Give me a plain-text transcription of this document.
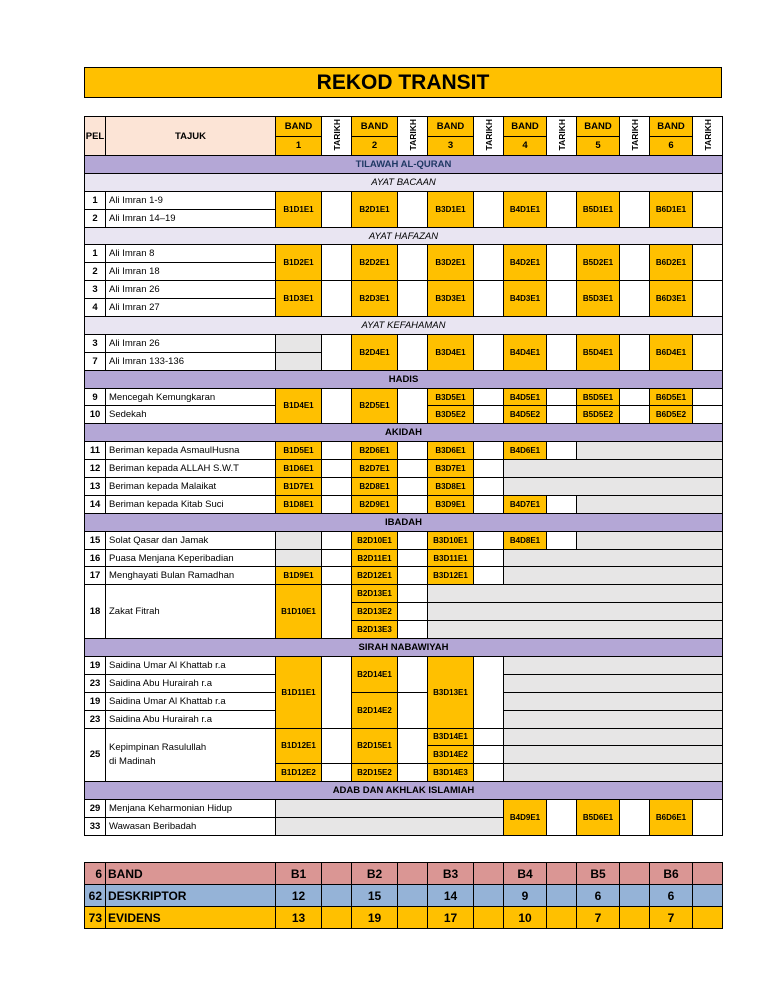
REKOD TRANSIT
PEL	TAJUK	BAND	TARIKH	BAND	TARIKH	BAND	TARIKH	BAND	TARIKH	BAND	TARIKH	BAND	TARIKH
		1		2		3		4		5		6	
TILAWAH AL-QURAN													
AYAT BACAAN													
1	Ali Imran 1-9	B1D1E1		B2D1E1		B3D1E1		B4D1E1		B5D1E1		B6D1E1	
2	Ali Imran 14–19												
AYAT HAFAZAN													
1	Ali Imran 8	B1D2E1		B2D2E1		B3D2E1		B4D2E1		B5D2E1		B6D2E1	
2	Ali Imran 18												
3	Ali Imran 26	B1D3E1		B2D3E1		B3D3E1		B4D3E1		B5D3E1		B6D3E1	
4	Ali Imran 27												
AYAT KEFAHAMAN													
3	Ali Imran 26			B2D4E1		B3D4E1		B4D4E1		B5D4E1		B6D4E1	
7	Ali Imran 133-136												
HADIS													
9	Mencegah Kemungkaran	B1D4E1		B2D5E1		B3D5E1		B4D5E1		B5D5E1		B6D5E1	
10	Sedekah					B3D5E2		B4D5E2		B5D5E2		B6D5E2	
AKIDAH													
11	Beriman kepada AsmaulHusna	B1D5E1		B2D6E1		B3D6E1		B4D6E1					
12	Beriman kepada ALLAH S.W.T	B1D6E1		B2D7E1		B3D7E1							
13	Beriman kepada Malaikat	B1D7E1		B2D8E1		B3D8E1							
14	Beriman kepada Kitab Suci	B1D8E1		B2D9E1		B3D9E1		B4D7E1					
IBADAH													
15	Solat Qasar dan Jamak			B2D10E1		B3D10E1		B4D8E1					
16	Puasa Menjana Keperibadian			B2D11E1		B3D11E1							
17	Menghayati Bulan Ramadhan	B1D9E1		B2D12E1		B3D12E1							
18	Zakat Fitrah	B1D10E1		B2D13E1									
				B2D13E2									
				B2D13E3									
SIRAH NABAWIYAH													
19	Saidina Umar Al Khattab r.a	B1D11E1		B2D14E1		B3D13E1							
23	Saidina Abu Hurairah r.a												
19	Saidina Umar Al Khattab r.a			B2D14E2									
23	Saidina Abu Hurairah r.a												
25	Kepimpinan Rasulullah
di Madinah	B1D12E1		B2D15E1		B3D14E1							
						B3D14E2							
		B1D12E2		B2D15E2		B3D14E3							
ADAB DAN AKHLAK ISLAMIAH													
29	Menjana Keharmonian Hidup							B4D9E1		B5D6E1		B6D6E1	
33	Wawasan Beribadah												
6	BAND	B1		B2		B3		B4		B5		B6	
62	DESKRIPTOR	12		15		14		9		6		6	
73	EVIDENS	13		19		17		10		7		7	
